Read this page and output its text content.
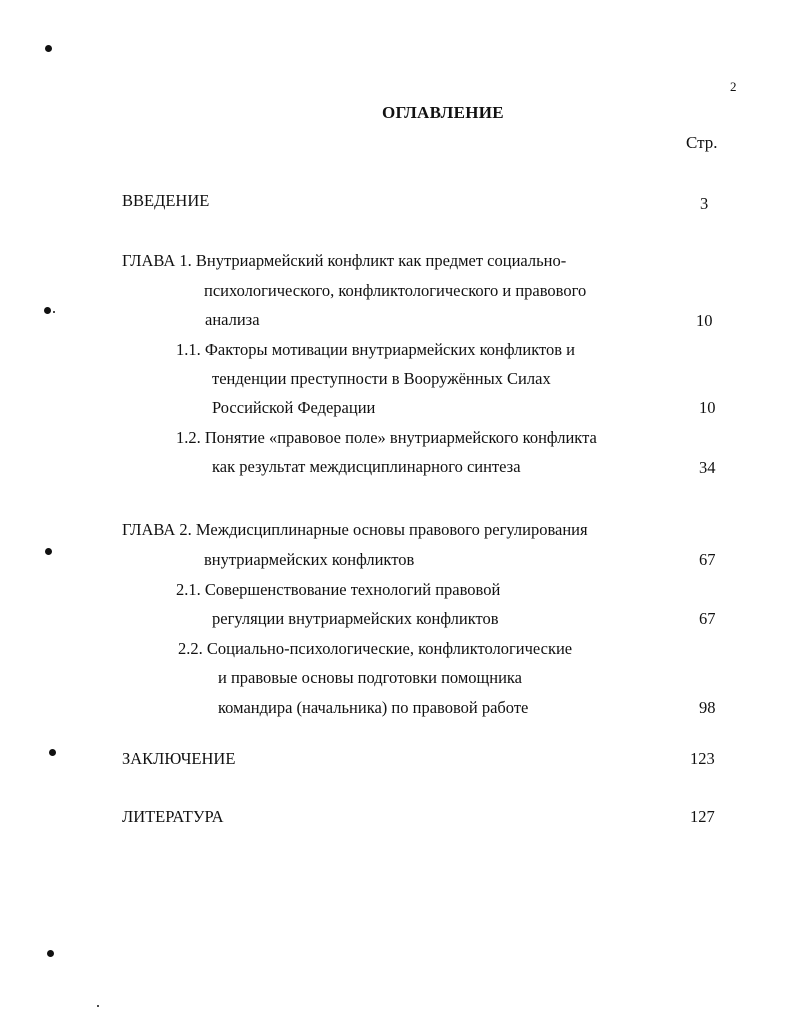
2
ОГЛАВЛЕНИЕ
Стр.
ВВЕДЕНИЕ	3
ГЛАВА 1. Внутриармейский конфликт как предмет социально-
психологического, конфликтологического и правового
анализа	10
1.1. Факторы мотивации внутриармейских конфликтов и
тенденции преступности в Вооружённых Силах
Российской Федерации	10
1.2. Понятие «правовое поле» внутриармейского конфликта
как результат междисциплинарного синтеза	34
ГЛАВА 2. Междисциплинарные основы правового регулирования
внутриармейских конфликтов	67
2.1. Совершенствование технологий правовой
регуляции внутриармейских конфликтов	67
2.2. Социально-психологические, конфликтологические
и правовые основы подготовки помощника
командира (начальника) по правовой работе	98
ЗАКЛЮЧЕНИЕ	123
ЛИТЕРАТУРА	127
